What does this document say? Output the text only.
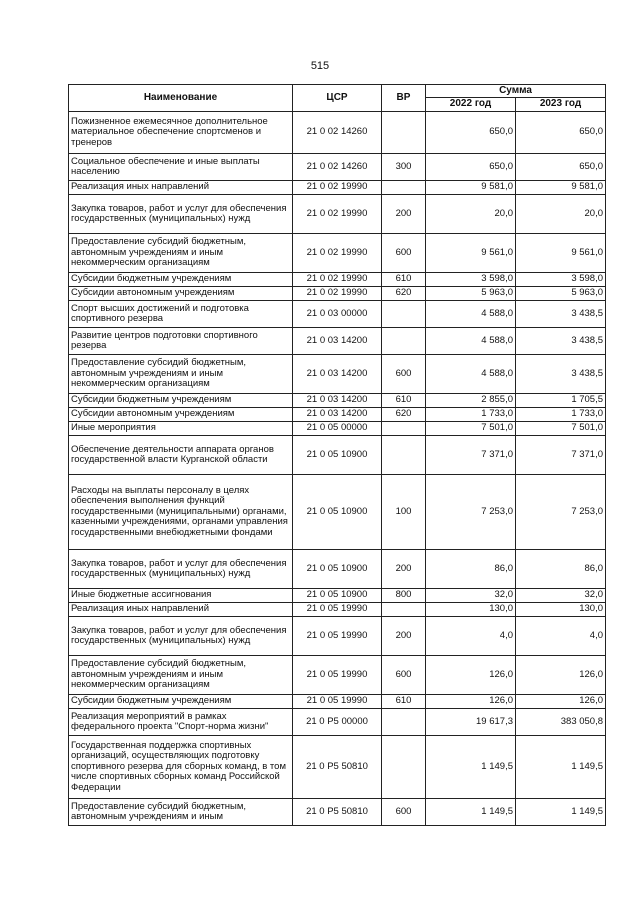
515
Наименование	ЦСР	ВР	Сумма	
			2022 год	2023 год
Пожизненное ежемесячное дополнительное материальное обеспечение спортсменов и тренеров	21 0 02 14260		650,0	650,0
Социальное обеспечение и иные выплаты населению	21 0 02 14260	300	650,0	650,0
Реализация иных направлений	21 0 02 19990		9 581,0	9 581,0
Закупка товаров, работ и услуг для обеспечения государственных (муниципальных) нужд	21 0 02 19990	200	20,0	20,0
Предоставление субсидий бюджетным, автономным учреждениям и иным некоммерческим организациям	21 0 02 19990	600	9 561,0	9 561,0
Субсидии бюджетным учреждениям	21 0 02 19990	610	3 598,0	3 598,0
Субсидии автономным учреждениям	21 0 02 19990	620	5 963,0	5 963,0
Спорт высших достижений и подготовка спортивного резерва	21 0 03 00000		4 588,0	3 438,5
Развитие центров подготовки спортивного резерва	21 0 03 14200		4 588,0	3 438,5
Предоставление субсидий бюджетным, автономным учреждениям и иным некоммерческим организациям	21 0 03 14200	600	4 588,0	3 438,5
Субсидии бюджетным учреждениям	21 0 03 14200	610	2 855,0	1 705,5
Субсидии автономным учреждениям	21 0 03 14200	620	1 733,0	1 733,0
Иные мероприятия	21 0 05 00000		7 501,0	7 501,0
Обеспечение деятельности аппарата органов государственной власти Курганской области	21 0 05 10900		7 371,0	7 371,0
Расходы на выплаты персоналу в целях обеспечения выполнения функций государственными (муниципальными) органами, казенными учреждениями, органами управления государственными внебюджетными фондами	21 0 05 10900	100	7 253,0	7 253,0
Закупка товаров, работ и услуг для обеспечения государственных (муниципальных) нужд	21 0 05 10900	200	86,0	86,0
Иные бюджетные ассигнования	21 0 05 10900	800	32,0	32,0
Реализация иных направлений	21 0 05 19990		130,0	130,0
Закупка товаров, работ и услуг для обеспечения государственных (муниципальных) нужд	21 0 05 19990	200	4,0	4,0
Предоставление субсидий бюджетным, автономным учреждениям и иным некоммерческим организациям	21 0 05 19990	600	126,0	126,0
Субсидии бюджетным учреждениям	21 0 05 19990	610	126,0	126,0
Реализация мероприятий в рамках федерального проекта "Спорт-норма жизни"	21 0 P5 00000		19 617,3	383 050,8
Государственная поддержка спортивных организаций, осуществляющих подготовку спортивного резерва для сборных команд, в том числе спортивных сборных команд Российской Федерации	21 0 P5 50810		1 149,5	1 149,5
Предоставление субсидий бюджетным, автономным учреждениям и иным	21 0 P5 50810	600	1 149,5	1 149,5
